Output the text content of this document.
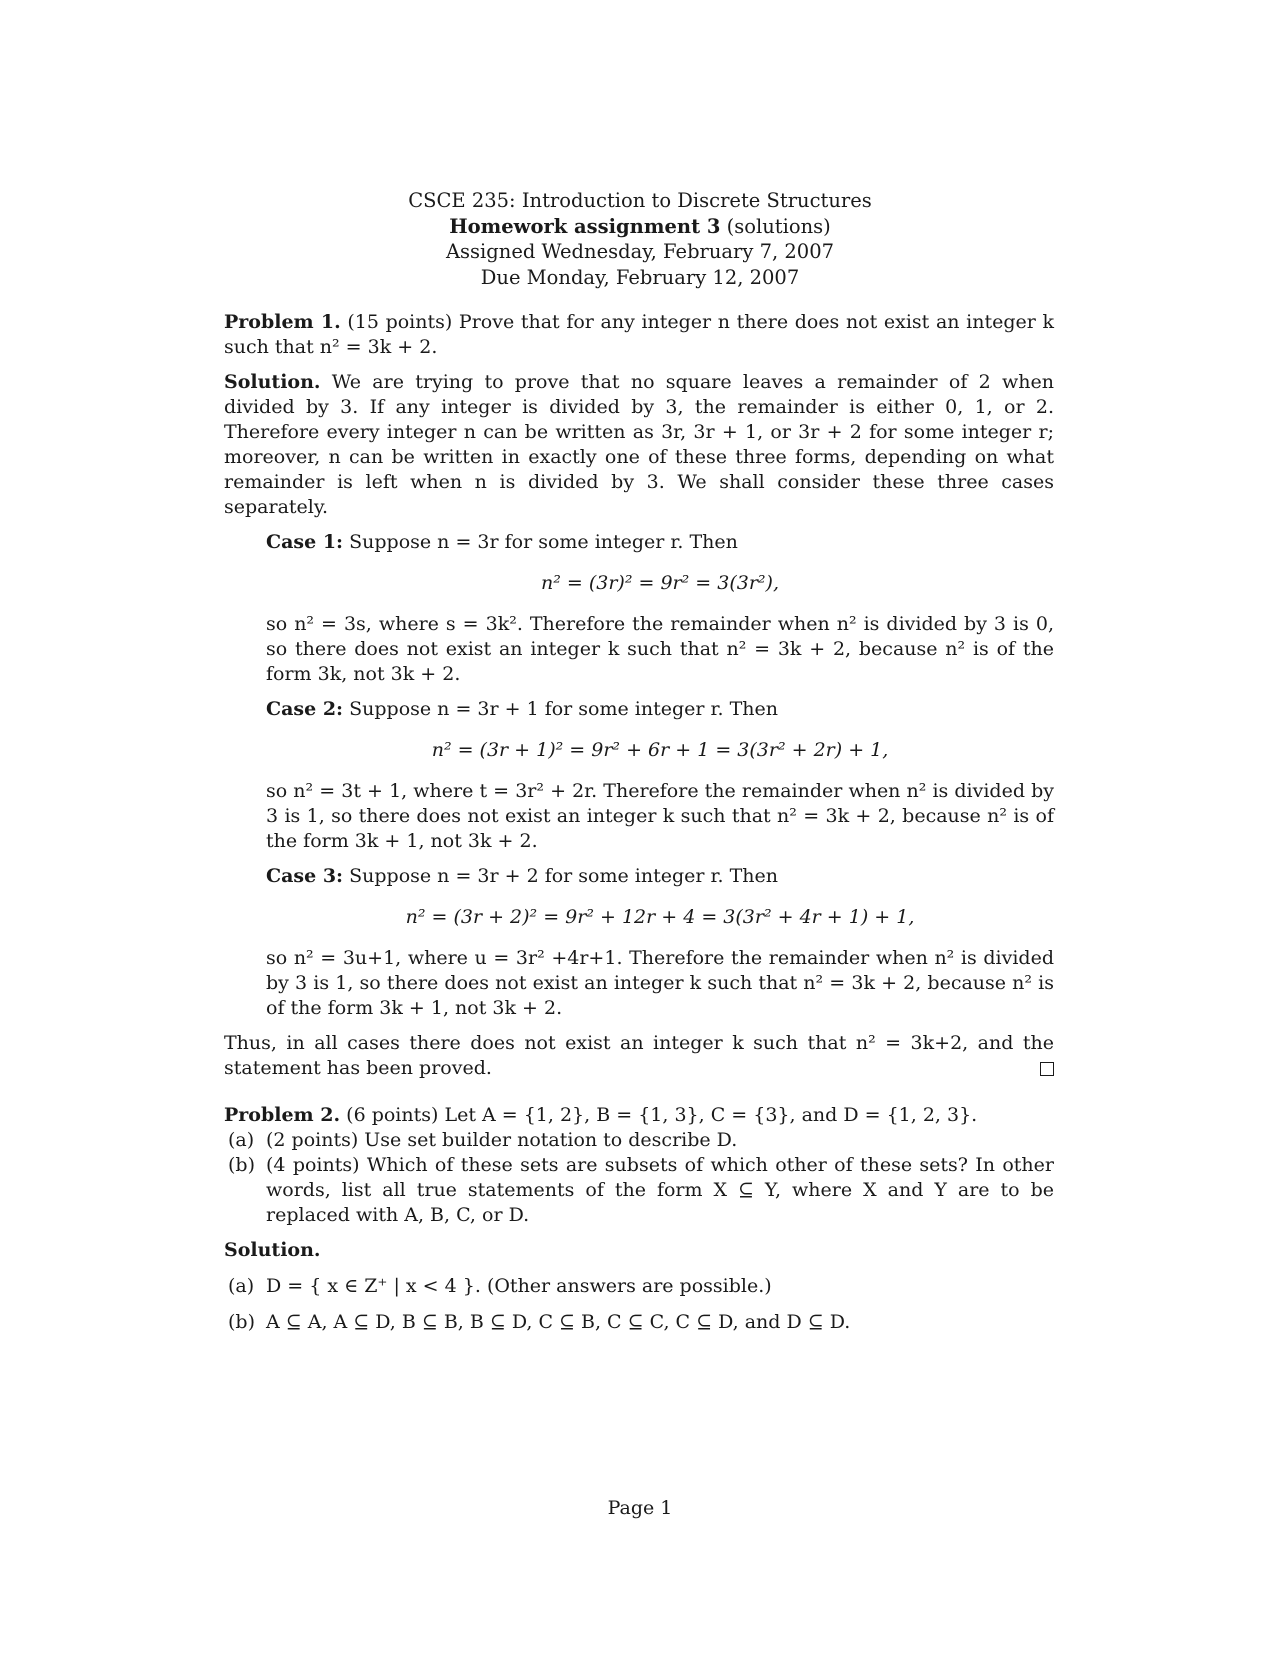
CSCE 235: Introduction to Discrete Structures
Homework assignment 3 (solutions)
Assigned Wednesday, February 7, 2007
Due Monday, February 12, 2007

Problem 1. (15 points) Prove that for any integer n there does not exist an integer k such that n² = 3k + 2.

Solution. We are trying to prove that no square leaves a remainder of 2 when divided by 3. If any integer is divided by 3, the remainder is either 0, 1, or 2. Therefore every integer n can be written as 3r, 3r + 1, or 3r + 2 for some integer r; moreover, n can be written in exactly one of these three forms, depending on what remainder is left when n is divided by 3. We shall consider these three cases separately.

Case 1: Suppose n = 3r for some integer r. Then

n² = (3r)² = 9r² = 3(3r²),

so n² = 3s, where s = 3k². Therefore the remainder when n² is divided by 3 is 0, so there does not exist an integer k such that n² = 3k + 2, because n² is of the form 3k, not 3k + 2.

Case 2: Suppose n = 3r + 1 for some integer r. Then

n² = (3r + 1)² = 9r² + 6r + 1 = 3(3r² + 2r) + 1,

so n² = 3t + 1, where t = 3r² + 2r. Therefore the remainder when n² is divided by 3 is 1, so there does not exist an integer k such that n² = 3k + 2, because n² is of the form 3k + 1, not 3k + 2.

Case 3: Suppose n = 3r + 2 for some integer r. Then

n² = (3r + 2)² = 9r² + 12r + 4 = 3(3r² + 4r + 1) + 1,

so n² = 3u+1, where u = 3r² +4r+1. Therefore the remainder when n² is divided by 3 is 1, so there does not exist an integer k such that n² = 3k + 2, because n² is of the form 3k + 1, not 3k + 2.

Thus, in all cases there does not exist an integer k such that n² = 3k+2, and the statement has been proved.

Problem 2. (6 points) Let A = {1, 2}, B = {1, 3}, C = {3}, and D = {1, 2, 3}.

(a) (2 points) Use set builder notation to describe D.
(b) (4 points) Which of these sets are subsets of which other of these sets? In other words, list all true statements of the form X ⊆ Y, where X and Y are to be replaced with A, B, C, or D.

Solution.

(a) D = { x ∈ Z⁺ | x < 4 }. (Other answers are possible.)
(b) A ⊆ A, A ⊆ D, B ⊆ B, B ⊆ D, C ⊆ B, C ⊆ C, C ⊆ D, and D ⊆ D.
Page 1
